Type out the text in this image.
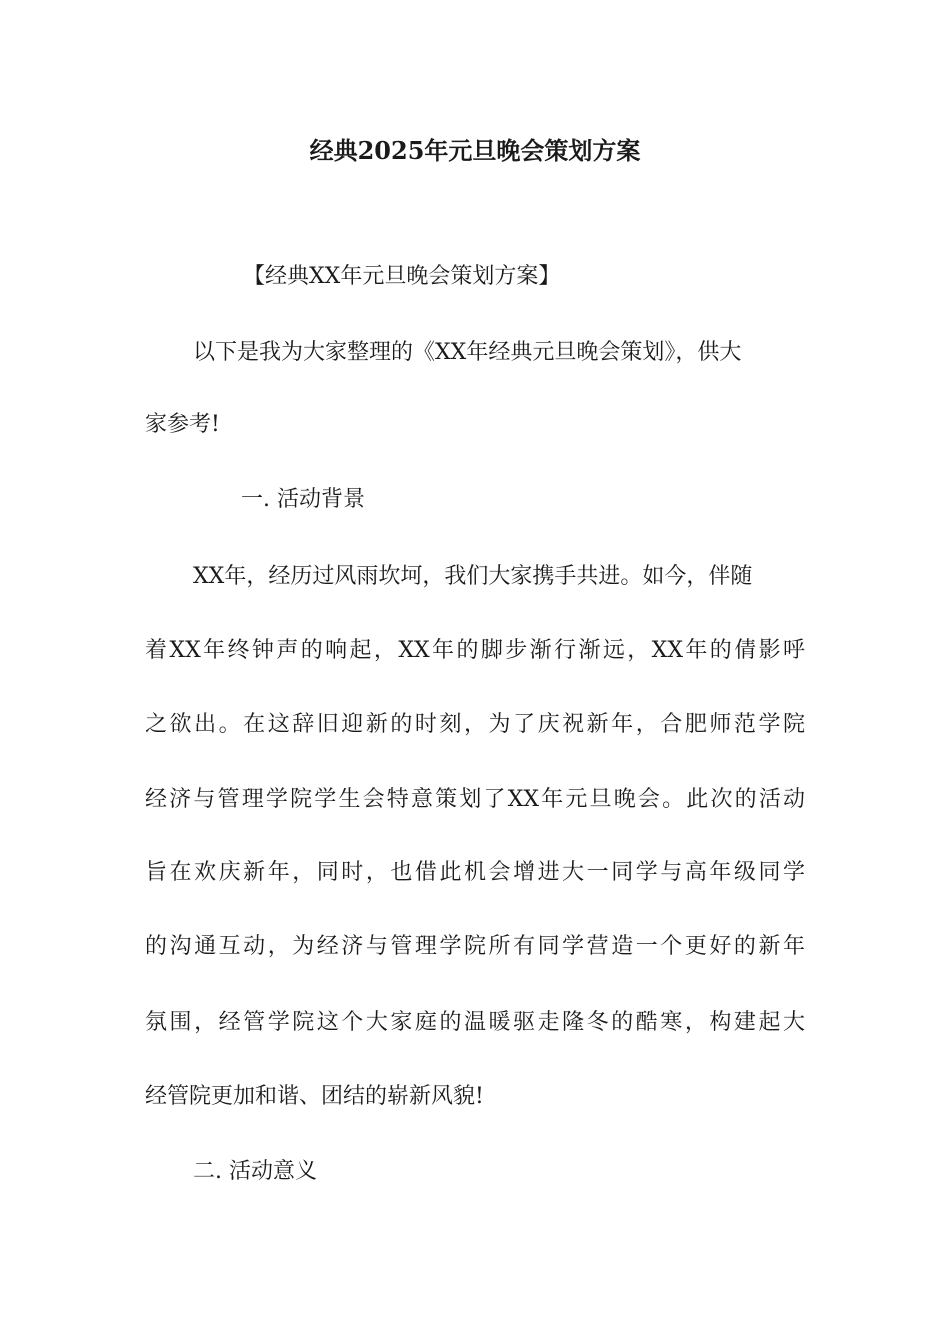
经典2025年元旦晚会策划方案

【经典XX年元旦晚会策划方案】

以下是我为大家整理的《XX年经典元旦晚会策划》，供大

家参考!

一. 活动背景

XX年，经历过风雨坎坷，我们大家携手共进。如今，伴随

着XX年终钟声的响起，XX年的脚步渐行渐远，XX年的倩影呼

之欲出。在这辞旧迎新的时刻，为了庆祝新年，合肥师范学院

经济与管理学院学生会特意策划了XX年元旦晚会。此次的活动

旨在欢庆新年，同时，也借此机会增进大一同学与高年级同学

的沟通互动，为经济与管理学院所有同学营造一个更好的新年

氛围，经管学院这个大家庭的温暖驱走隆冬的酷寒，构建起大

经管院更加和谐、团结的崭新风貌!

二. 活动意义
